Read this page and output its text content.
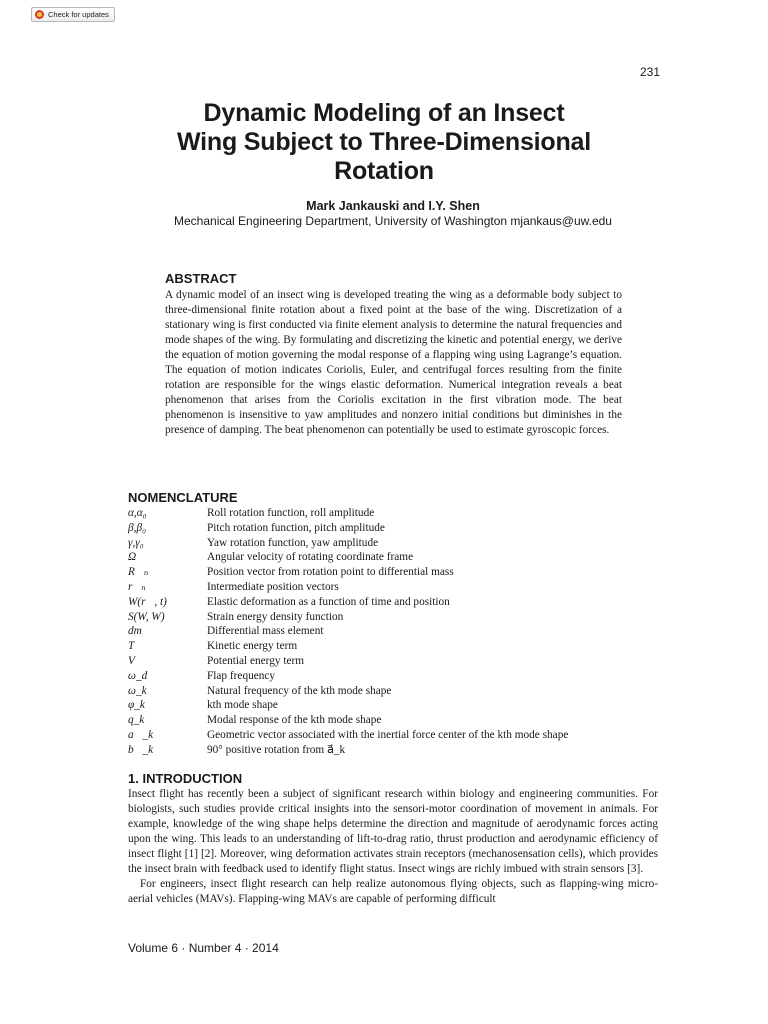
Check for updates
231
Dynamic Modeling of an Insect
Wing Subject to Three-Dimensional
Rotation
Mark Jankauski and I.Y. Shen
Mechanical Engineering Department, University of Washington mjankaus@uw.edu
ABSTRACT
A dynamic model of an insect wing is developed treating the wing as a deformable body subject to three-dimensional finite rotation about a fixed point at the base of the wing. Discretization of a stationary wing is first conducted via finite element analysis to determine the natural frequencies and mode shapes of the wing. By formulating and discretizing the kinetic and potential energy, we derive the equation of motion governing the modal response of a flapping wing using Lagrange’s equation. The equation of motion indicates Coriolis, Euler, and centrifugal forces resulting from the finite rotation are responsible for the wings elastic deformation. Numerical integration reveals a beat phenomenon that arises from the Coriolis excitation in the first vibration mode. The beat phenomenon is insensitive to yaw amplitudes and nonzero initial conditions but diminishes in the presence of damping. The beat phenomenon can potentially be used to estimate gyroscopic forces.
NOMENCLATURE
α,α₀	Roll rotation function, roll amplitude
β,β₀	Pitch rotation function, pitch amplitude
γ,γ₀	Yaw rotation function, yaw amplitude
Ω⃗	Angular velocity of rotating coordinate frame
R⃗ₙ	Position vector from rotation point to differential mass
r⃗ₙ	Intermediate position vectors
W(r⃗, t)	Elastic deformation as a function of time and position
S(W, W)	Strain energy density function
dm	Differential mass element
T	Kinetic energy term
V	Potential energy term
ω_d	Flap frequency
ω_k	Natural frequency of the kth mode shape
φ_k	kth mode shape
q_k	Modal response of the kth mode shape
a⃗_k	Geometric vector associated with the inertial force center of the kth mode shape
b⃗_k	90° positive rotation from a⃗_k
1. INTRODUCTION

Insect flight has recently been a subject of significant research within biology and engineering communities. For biologists, such studies provide critical insights into the sensori-motor coordination of movement in animals. For example, knowledge of the wing shape helps determine the direction and magnitude of aerodynamic forces acting upon the wing. This leads to an understanding of lift-to-drag ratio, thrust production and aerodynamic efficiency of insect flight [1] [2]. Moreover, wing deformation activates strain receptors (mechanosensation cells), which provides the insect brain with feedback used to identify flight status. Insect wings are richly imbued with strain sensors [3].

For engineers, insect flight research can help realize autonomous flying objects, such as flapping-wing micro-aerial vehicles (MAVs). Flapping-wing MAVs are capable of performing difficult

Volume 6 · Number 4 · 2014
